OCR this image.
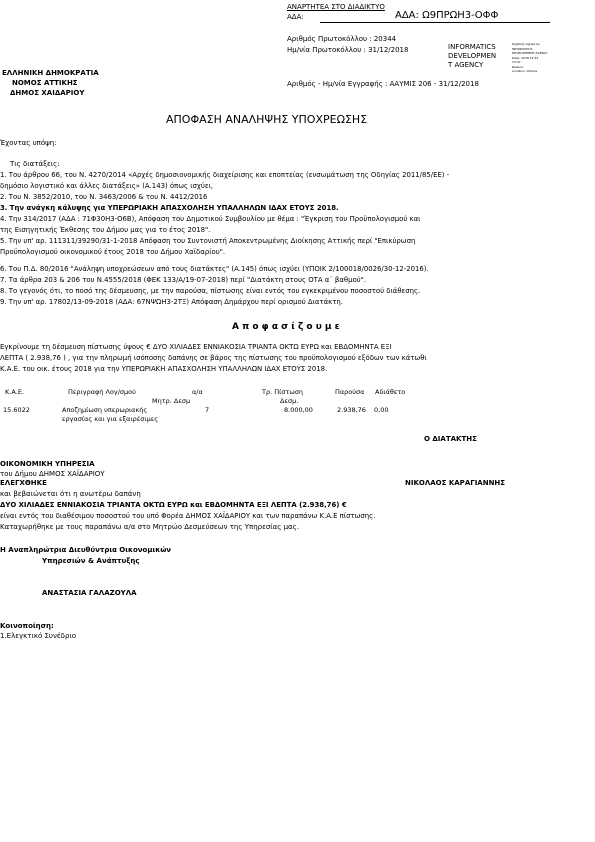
ΑΝΑΡΤΗΤΕΑ ΣΤΟ ΔΙΑΔΙΚΤΥΟ
ΑΔΑ:	ΑΔΑ: Ω9ΠΡΩΗ3-ΟΦΦ
Αριθμός Πρωτοκόλλου : 20344
Ημ/νία Πρωτοκόλλου : 31/12/2018	INFORMATICS
DEVELOPMEN
T AGENCY
Digitally signed by
INFORMATICS
DEVELOPMENT AGENCY
Date: 2018.12.31
13:47
Reason:
Location: Athens
ΕΛΛΗΝΙΚΗ ΔΗΜΟΚΡΑΤΙΑ
ΝΟΜΟΣ ΑΤΤΙΚΗΣ
ΔΗΜΟΣ ΧΑΙΔΑΡΙΟΥ
Αριθμός - Ημ/νία Εγγραφής : ΑΑΥΜΙΣ 206 - 31/12/2018
ΑΠΟΦΑΣΗ ΑΝΑΛΗΨΗΣ ΥΠΟΧΡΕΩΣΗΣ
Έχοντας υπόψη:
Τις διατάξεις:
1. Του άρθρου 66, του Ν. 4270/2014 «Αρχές δημοσιονομικής διαχείρισης και εποπτείας (ενσωμάτωση της Οδηγίας 2011/85/ΕΕ) -
δημόσιο λογιστικό και άλλες διατάξεις» (Α.143) όπως ισχύει,
2. Του Ν. 3852/2010, του Ν. 3463/2006 & του Ν. 4412/2016
3. Την ανάγκη κάλυψης για ΥΠΕΡΩΡΙΑΚΗ ΑΠΑΣΧΟΛΗΣΗ ΥΠΑΛΛΗΛΩΝ ΙΔΑΧ ΕΤΟΥΣ 2018.
4. Την 314/2017 (ΑΔΑ : 71Φ30Η3-Ο6Β), Απόφαση του Δημοτικού Συμβουλίου με θέμα : "Έγκριση του Προϋπολογισμού και
της Εισηγητικής Έκθεσης του Δήμου μας για το έτος 2018".
5. Την υπ' αρ. 111311/39290/31-1-2018 Απόφαση του Συντονιστή Αποκεντρωμένης Διοίκησης Αττικής περί "Επικύρωση
Προϋπολογισμού οικονομικού έτους 2018 του Δήμου Χαϊδαρίου".
6. Του Π.Δ. 80/2016 "Ανάληψη υποχρεώσεων από τους διατάκτες" (Α.145) όπως ισχύει (ΥΠΟΙΚ 2/100018/0026/30-12-2016).
7. Τα άρθρα 203 & 206 του Ν.4555/2018 (ΦΕΚ 133/Α/19-07-2018) περί "Διατάκτη στους ΟΤΑ α΄ βαθμού".
8. Το γεγονός ότι, το ποσό της δέσμευσης, με την παρούσα, πίστωσης είναι εντός του εγκεκριμένου ποσοστού διάθεσης.
9. Την υπ' αρ. 17802/13-09-2018 (ΑΔΑ: 67ΝΨΩΗ3-2ΤΞ) Απόφαση Δημάρχου περί ορισμού Διατάκτη.
Α π ο φ α σ ί ζ ο υ μ ε
Εγκρίνουμε τη δέσμευση πίστωσης ύψους € ΔΥΟ ΧΙΛΙΑΔΕΣ ΕΝΝΙΑΚΟΣΙΑ ΤΡΙΑΝΤΑ ΟΚΤΩ ΕΥΡΩ και ΕΒΔΟΜΗΝΤΑ ΕΞΙ
ΛΕΠΤΑ ( 2.938,76 ) , για την πληρωμή ισόποσης δαπάνης σε βάρος της πίστωσης του προϋπολογισμού εξόδων των κάτωθι
Κ.Α.Ε. του οικ. έτους 2018 για την ΥΠΕΡΩΡΙΑΚΗ ΑΠΑΣΧΟΛΗΣΗ ΥΠΑΛΛΗΛΩΝ ΙΔΑΧ ΕΤΟΥΣ 2018.
Κ.Α.Ε.	Περιγραφή Λογ/σμού	α/α	Τρ. Πίστωση	Παρούσα Αδιάθετο
Μητρ. Δεσμ	Δεσμ.
15.6022	Αποζημίωση υπερωριακής
εργασίας και για εξαιρέσιμες
7	8.000,00	2.938,76 0,00
Ο ΔΙΑΤΑΚΤΗΣ
ΟΙΚΟΝΟΜΙΚΗ ΥΠΗΡΕΣΙΑ
του Δήμου ΔΗΜΟΣ ΧΑΪΔΑΡΙΟΥ
ΕΛΕΓΧΘΗΚΕ	ΝΙΚΟΛΑΟΣ ΚΑΡΑΓΙΑΝΝΗΣ
και βεβαιώνεται ότι η ανωτέρω δαπάνη
ΔΥΟ ΧΙΛΙΑΔΕΣ ΕΝΝΙΑΚΟΣΙΑ ΤΡΙΑΝΤΑ ΟΚΤΩ ΕΥΡΩ και ΕΒΔΟΜΗΝΤΑ ΕΞΙ ΛΕΠΤΑ (2.938,76) €
είναι εντός του διαθέσιμου ποσοστού του υπό Φορέα ΔΗΜΟΣ ΧΑΪΔΑΡΙΟΥ και των παραπάνω Κ.Α.Ε πίστωσης.
Καταχωρήθηκε με τους παραπάνω α/α στο Μητρώο Δεσμεύσεων της Υπηρεσίας μας.
Η Αναπληρώτρια Διευθύντρια Οικονομικών
Υπηρεσιών & Ανάπτυξης
ΑΝΑΣΤΑΣΙΑ ΓΑΛΑΖΟΥΛΑ
Κοινοποίηση:
1.Ελεγκτικό Συνέδριο
